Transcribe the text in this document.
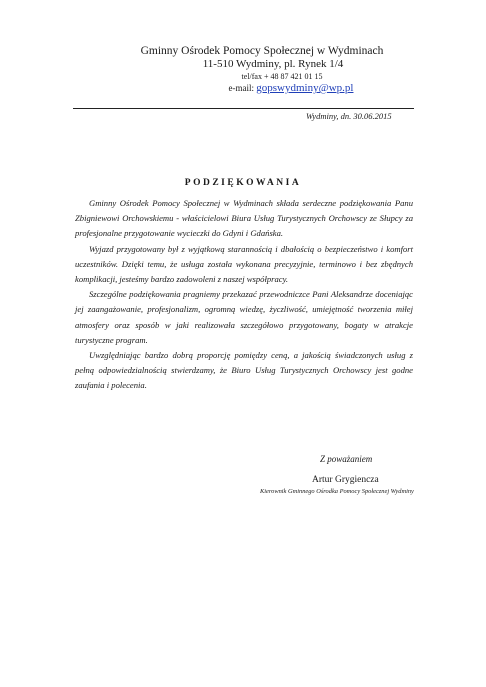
Gminny Ośrodek Pomocy Społecznej w Wydminach
11-510 Wydminy, pl. Rynek 1/4
tel/fax + 48 87 421 01 15
e-mail: gopswydminy@wp.pl
Wydminy, dn. 30.06.2015
PODZIĘKOWANIA

Gminny Ośrodek Pomocy Społecznej w Wydminach składa serdeczne podziękowania Panu Zbigniewowi Orchowskiemu - właścicielowi Biura Usług Turystycznych Orchowscy ze Słupcy za profesjonalne przygotowanie wycieczki do Gdyni i Gdańska.

Wyjazd przygotowany był z wyjątkową starannością i dbałością o bezpieczeństwo i komfort uczestników. Dzięki temu, że usługa została wykonana precyzyjnie, terminowo i bez zbędnych komplikacji, jesteśmy bardzo zadowoleni z naszej współpracy.

Szczególne podziękowania pragniemy przekazać przewodniczce Pani Aleksandrze doceniając jej zaangażowanie, profesjonalizm, ogromną wiedzę, życzliwość, umiejętność tworzenia miłej atmosfery oraz sposób w jaki realizowała szczegółowo przygotowany, bogaty w atrakcje turystyczne program.

Uwzględniając bardzo dobrą proporcję pomiędzy ceną, a jakością świadczonych usług z pełną odpowiedzialnością stwierdzamy, że Biuro Usług Turystycznych Orchowscy jest godne zaufania i polecenia.

Z poważaniem
Artur Grygiencza
Kierownik Gminnego Ośrodka Pomocy Społecznej Wydminy
